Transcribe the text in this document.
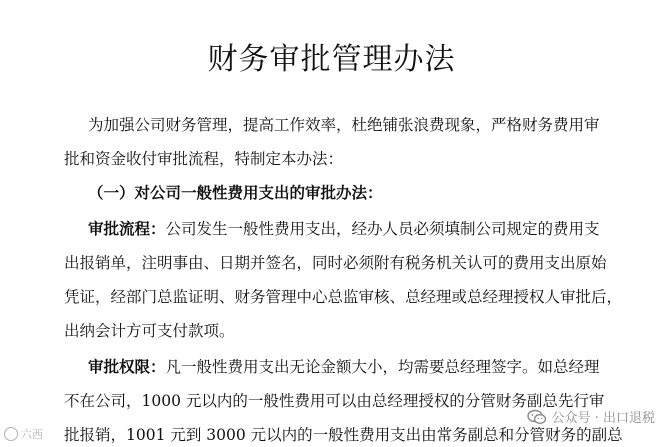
财务审批管理办法
为加强公司财务管理，提高工作效率，杜绝铺张浪费现象，严格财务费用审
批和资金收付审批流程，特制定本办法：
（一）对公司一般性费用支出的审批办法：
审批流程：公司发生一般性费用支出，经办人员必须填制公司规定的费用支
出报销单，注明事由、日期并签名，同时必须附有税务机关认可的费用支出原始
凭证，经部门总监证明、财务管理中心总监审核、总经理或总经理授权人审批后，
出纳会计方可支付款项。
审批权限：凡一般性费用支出无论金额大小，均需要总经理签字。如总经理
不在公司，1000 元以内的一般性费用可以由总经理授权的分管财务副总先行审
批报销，1001 元到 3000 元以内的一般性费用支出由常务副总和分管财务的副总
六西
公众号 · 出口退税
